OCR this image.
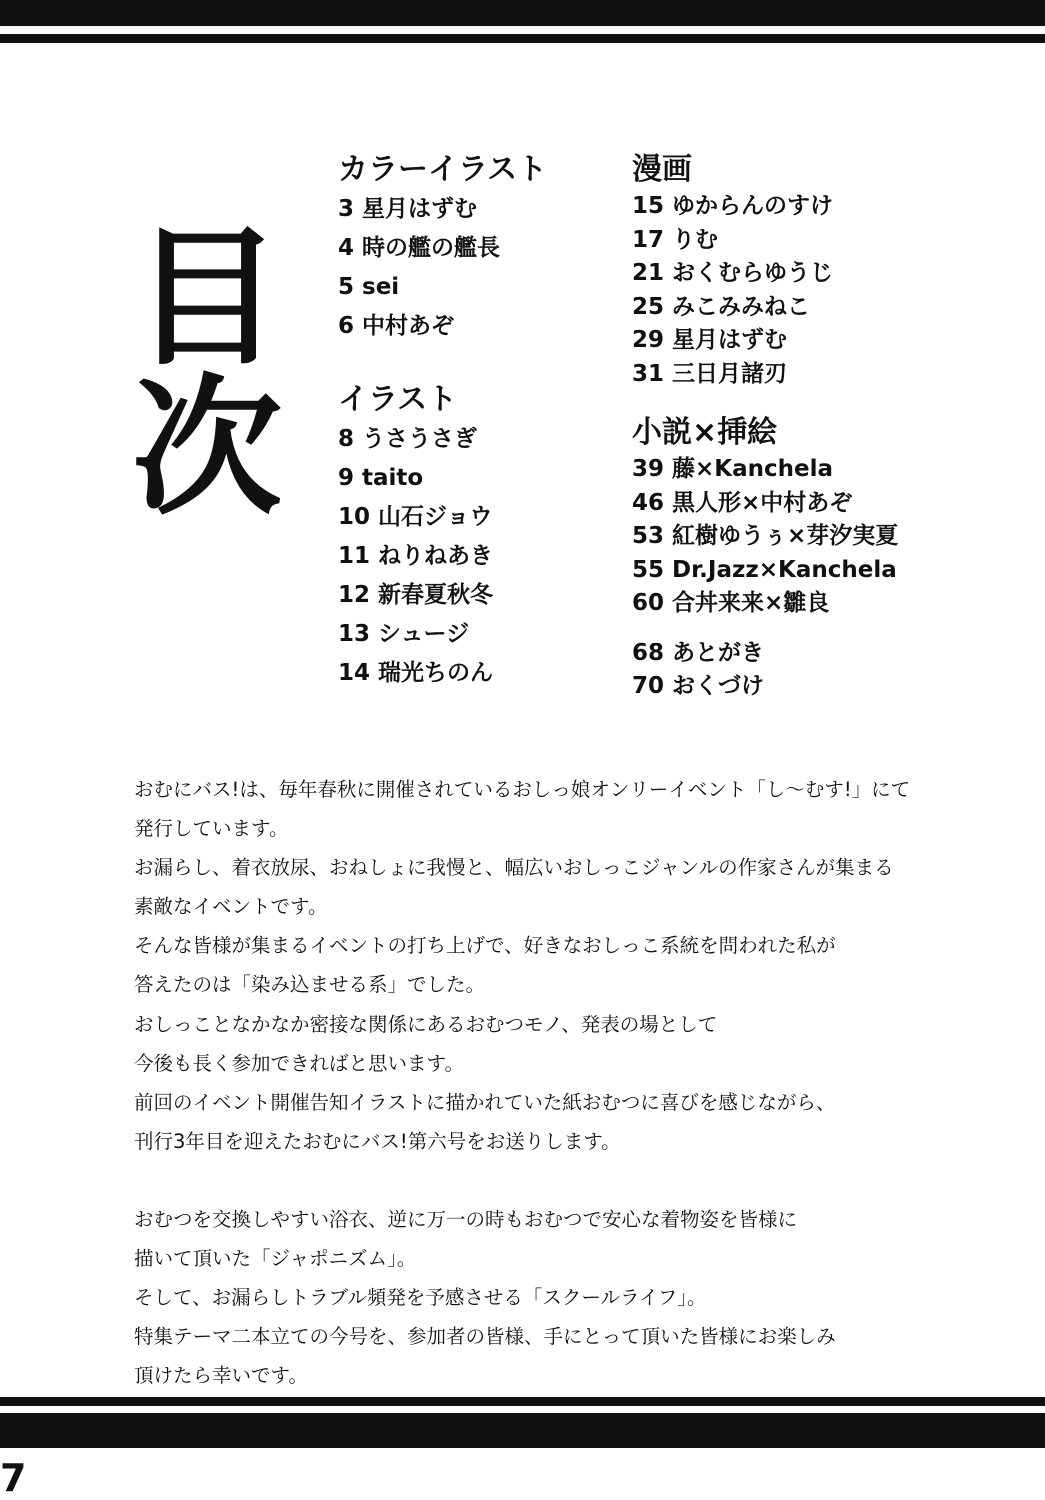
目次
カラーイラスト
3 星月はずむ
4 時の艦の艦長
5 sei
6 中村あぞ
イラスト
8 うさうさぎ
9 taito
10 山石ジョウ
11 ねりねあき
12 新春夏秋冬
13 シュージ
14 瑞光ちのん
漫画
15 ゆからんのすけ
17 りむ
21 おくむらゆうじ
25 みこみみねこ
29 星月はずむ
31 三日月諸刃
小説×挿絵
39 藤×Kanchela
46 黒人形×中村あぞ
53 紅樹ゆうぅ×芽汐実夏
55 Dr.Jazz×Kanchela
60 合丼来来×雛良
68 あとがき
70 おくづけ

おむにバス!は、毎年春秋に開催されているおしっ娘オンリーイベント「し〜むす!」にて

発行しています。

お漏らし、着衣放尿、おねしょに我慢と、幅広いおしっこジャンルの作家さんが集まる

素敵なイベントです。

そんな皆様が集まるイベントの打ち上げで、好きなおしっこ系統を問われた私が

答えたのは「染み込ませる系」でした。

おしっことなかなか密接な関係にあるおむつモノ、発表の場として

今後も長く参加できればと思います。

前回のイベント開催告知イラストに描かれていた紙おむつに喜びを感じながら、

刊行3年目を迎えたおむにバス!第六号をお送りします。

おむつを交換しやすい浴衣、逆に万一の時もおむつで安心な着物姿を皆様に

描いて頂いた「ジャポニズム」。

そして、お漏らしトラブル頻発を予感させる「スクールライフ」。

特集テーマ二本立ての今号を、参加者の皆様、手にとって頂いた皆様にお楽しみ

頂けたら幸いです。

7
